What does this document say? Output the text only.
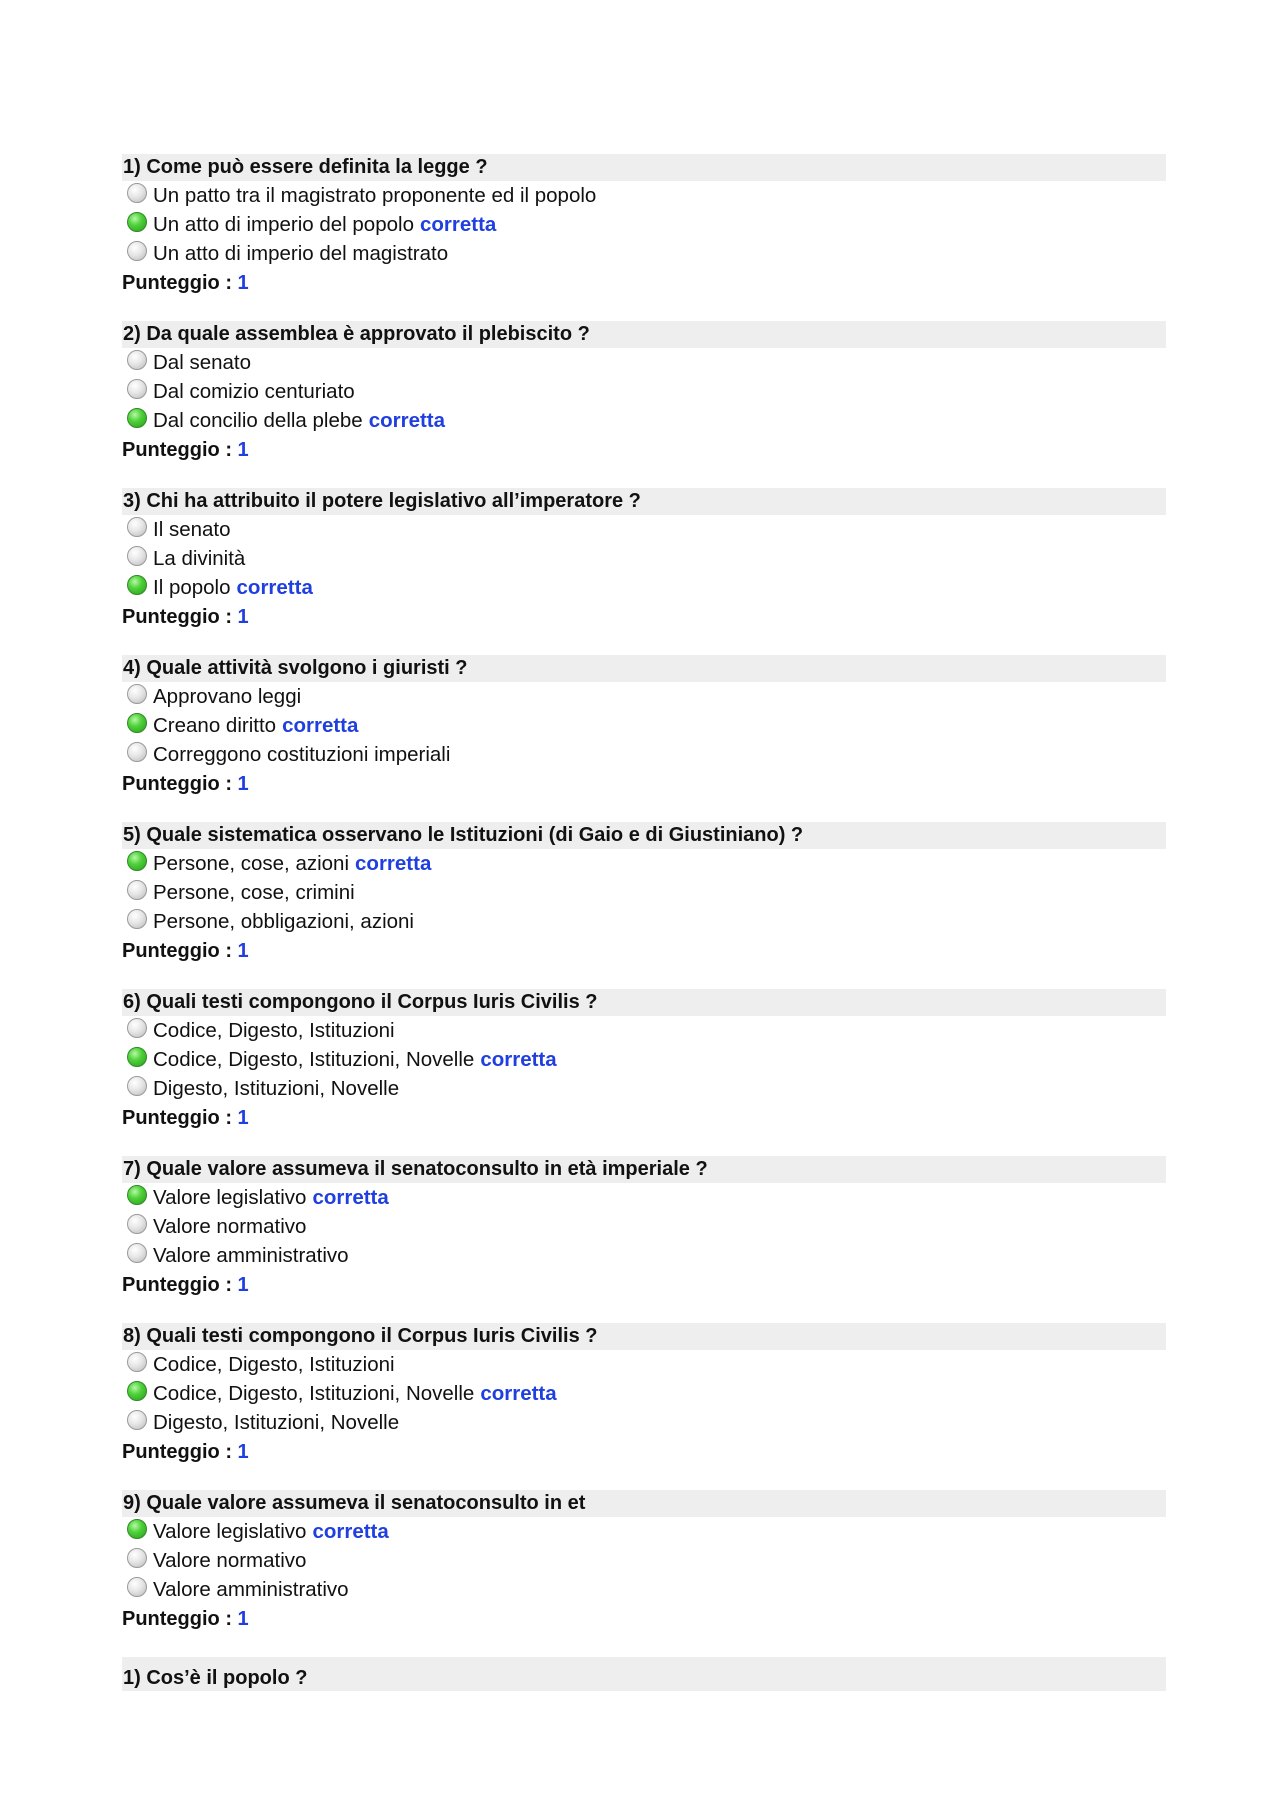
1) Come può essere definita la legge ?
Un patto tra il magistrato proponente ed il popolo
Un atto di imperio del popolo corretta
Un atto di imperio del magistrato
Punteggio : 1
2) Da quale assemblea è approvato il plebiscito ?
Dal senato
Dal comizio centuriato
Dal concilio della plebe corretta
Punteggio : 1
3) Chi ha attribuito il potere legislativo all’imperatore ?
Il senato
La divinità
Il popolo corretta
Punteggio : 1
4) Quale attività svolgono i giuristi ?
Approvano leggi
Creano diritto corretta
Correggono costituzioni imperiali
Punteggio : 1
5) Quale sistematica osservano le Istituzioni (di Gaio e di Giustiniano) ?
Persone, cose, azioni corretta
Persone, cose, crimini
Persone, obbligazioni, azioni
Punteggio : 1
6) Quali testi compongono il Corpus Iuris Civilis ?
Codice, Digesto, Istituzioni
Codice, Digesto, Istituzioni, Novelle corretta
Digesto, Istituzioni, Novelle
Punteggio : 1
7) Quale valore assumeva il senatoconsulto in età imperiale ?
Valore legislativo corretta
Valore normativo
Valore amministrativo
Punteggio : 1
8) Quali testi compongono il Corpus Iuris Civilis ?
Codice, Digesto, Istituzioni
Codice, Digesto, Istituzioni, Novelle corretta
Digesto, Istituzioni, Novelle
Punteggio : 1
9) Quale valore assumeva il senatoconsulto in et
Valore legislativo corretta
Valore normativo
Valore amministrativo
Punteggio : 1
1) Cos’è il popolo ?
